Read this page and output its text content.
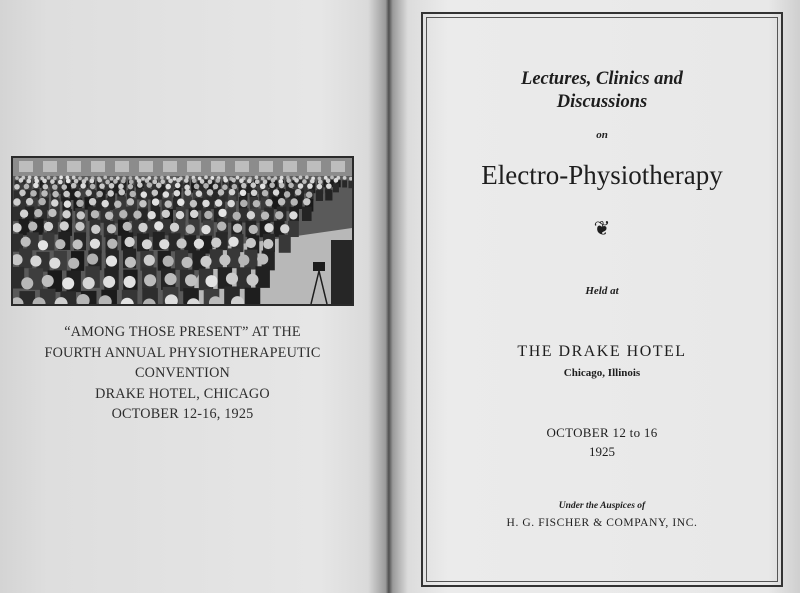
“AMONG THOSE PRESENT” AT THE
FOURTH ANNUAL PHYSIOTHERAPEUTIC
CONVENTION
DRAKE HOTEL, CHICAGO
OCTOBER 12-16, 1925
Lectures, Clinics and
Discussions
on
Electro-Physiotherapy
❦
Held at
THE DRAKE HOTEL
Chicago, Illinois
OCTOBER 12 to 16
1925
Under the Auspices of
H. G. FISCHER & COMPANY, INC.
